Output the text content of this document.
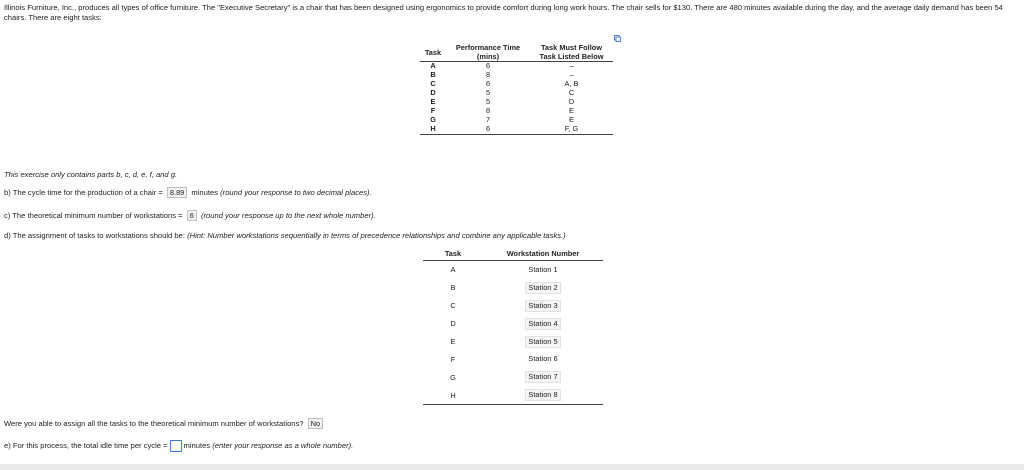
Illinois Furniture, Inc., produces all types of office furniture. The "Executive Secretary" is a chair that has been designed using ergonomics to provide comfort during long work hours. The chair sells for $130. There are 480 minutes available during the day, and the average daily demand has been 54 chairs. There are eight tasks:
Task	Performance Time (mins)	Task Must Follow Task Listed Below
A	6	–
B	8	–
C	6	A, B
D	5	C
E	5	D
F	8	E
G	7	E
H	6	F, G
This exercise only contains parts b, c, d, e, f, and g.
b) The cycle time for the production of a chair = 8.89 minutes (round your response to two decimal places).
c) The theoretical minimum number of workstations = 6 (round your response up to the next whole number).
d) The assignment of tasks to workstations should be: (Hint: Number workstations sequentially in terms of precedence relationships and combine any applicable tasks.)
Task	Workstation Number
A	Station 1
B	Station 2
C	Station 3
D	Station 4
E	Station 5
F	Station 6
G	Station 7
H	Station 8
Were you able to assign all the tasks to the theoretical minimum number of workstations? No
e) For this process, the total idle time per cycle = minutes (enter your response as a whole number).
